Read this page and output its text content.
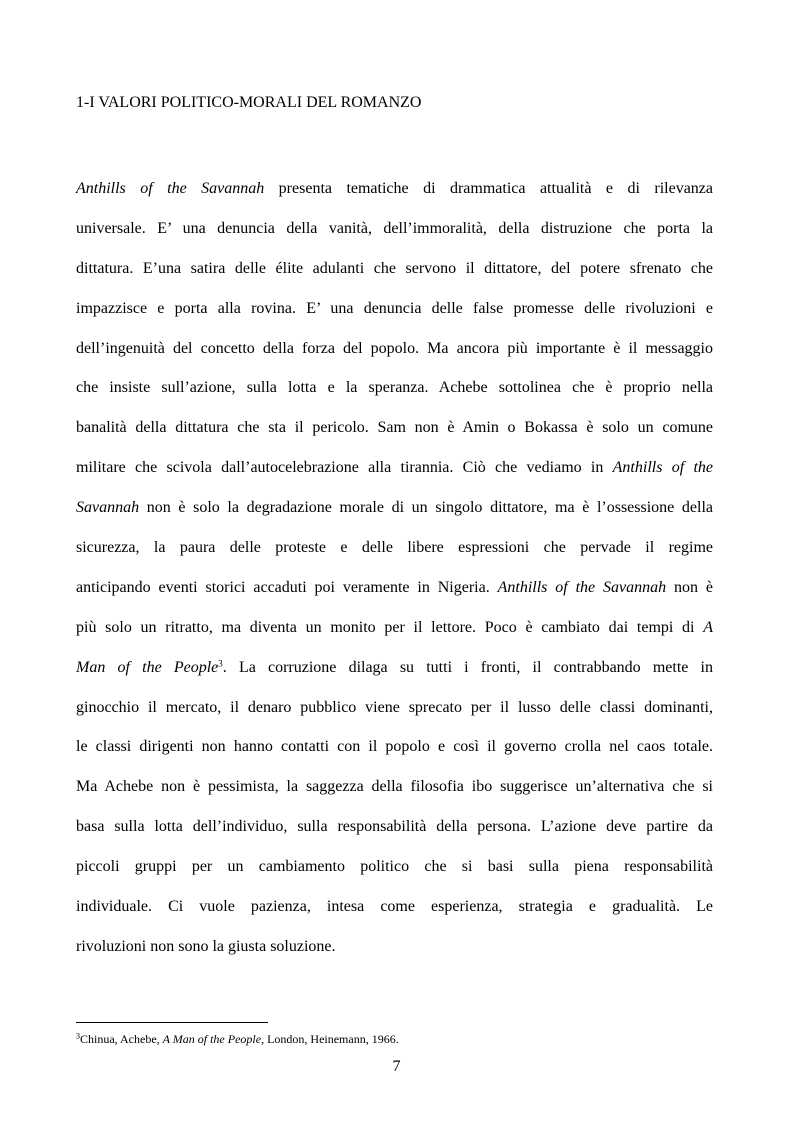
1-I VALORI POLITICO-MORALI DEL ROMANZO
Anthills of the Savannah presenta tematiche di drammatica attualità e di rilevanza
universale. E’ una denuncia della vanità, dell’immoralità, della distruzione che porta la
dittatura. E’una satira delle élite adulanti che servono il dittatore, del potere sfrenato che
impazzisce e porta alla rovina. E’ una denuncia delle false promesse delle rivoluzioni e
dell’ingenuità del concetto della forza del popolo. Ma ancora più importante è il messaggio
che insiste sull’azione, sulla lotta e la speranza. Achebe sottolinea che è proprio nella
banalità della dittatura che sta il pericolo. Sam non è Amin o Bokassa è solo un comune
militare che scivola dall’autocelebrazione alla tirannia. Ciò che vediamo in Anthills of the
Savannah non è solo la degradazione morale di un singolo dittatore, ma è l’ossessione della
sicurezza, la paura delle proteste e delle libere espressioni che pervade il regime
anticipando eventi storici accaduti poi veramente in Nigeria. Anthills of the Savannah non è
più solo un ritratto, ma diventa un monito per il lettore. Poco è cambiato dai tempi di A
Man of the People$^3$. La corruzione dilaga su tutti i fronti, il contrabbando mette in
ginocchio il mercato, il denaro pubblico viene sprecato per il lusso delle classi dominanti,
le classi dirigenti non hanno contatti con il popolo e così il governo crolla nel caos totale.
Ma Achebe non è pessimista, la saggezza della filosofia ibo suggerisce un’alternativa che si
basa sulla lotta dell’individuo, sulla responsabilità della persona. L’azione deve partire da
piccoli gruppi per un cambiamento politico che si basi sulla piena responsabilità
individuale. Ci vuole pazienza, intesa come esperienza, strategia e gradualità. Le
rivoluzioni non sono la giusta soluzione.
$^3$Chinua, Achebe, A Man of the People, London, Heinemann, 1966.
7
